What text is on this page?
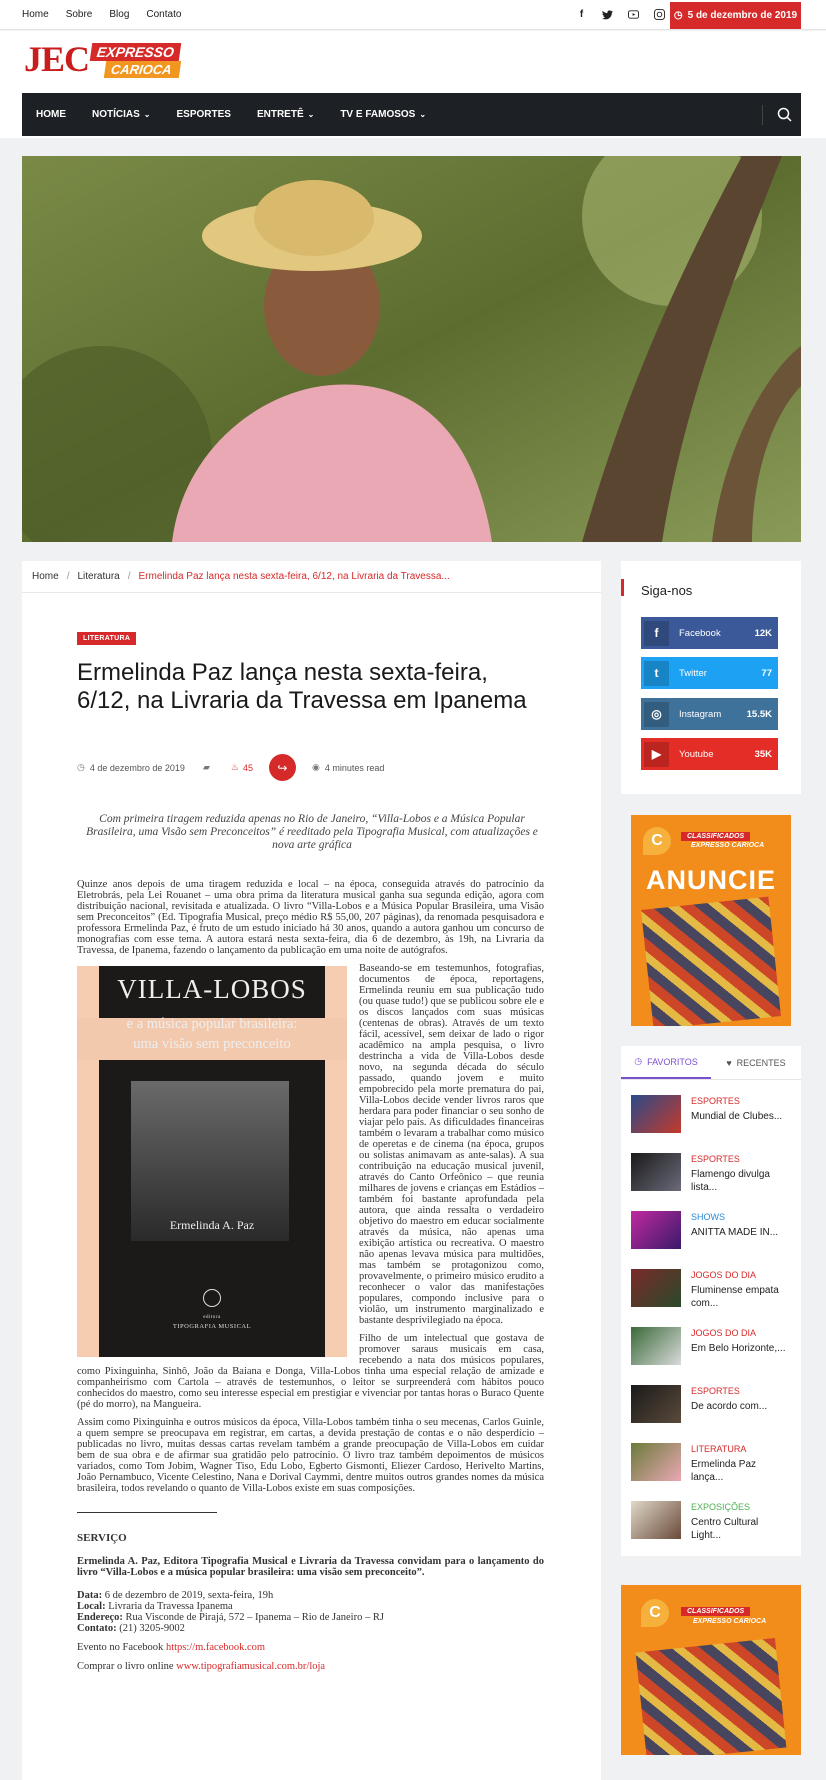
Home Sobre Blog Contato	f	◷ 5 de dezembro de 2019
JEC EXPRESSO
CARIOCA
HOME	NOTÍCIAS ⌄	ESPORTES	ENTRETÊ ⌄	TV E FAMOSOS ⌄
Home / Literatura / Ermelinda Paz lança nesta sexta-feira, 6/12, na Livraria da Travessa...
LITERATURA
Ermelinda Paz lança nesta sexta-feira, 6/12, na Livraria da Travessa em Ipanema
◷ 4 de dezembro de 2019 ▰ ♨ 45	↪	◉ 4 minutes read
Com primeira tiragem reduzida apenas no Rio de Janeiro, “Villa-Lobos e a Música Popular Brasileira, uma Visão sem Preconceitos” é reeditado pela Tipografia Musical, com atualizações e nova arte gráfica

Quinze anos depois de uma tiragem reduzida e local – na época, conseguida através do patrocínio da Eletrobrás, pela Lei Rouanet – uma obra prima da literatura musical ganha sua segunda edição, agora com distribuição nacional, revisitada e atualizada. O livro “Villa-Lobos e a Música Popular Brasileira, uma Visão sem Preconceitos” (Ed. Tipografia Musical, preço médio R$ 55,00, 207 páginas), da renomada pesquisadora e professora Ermelinda Paz, é fruto de um estudo iniciado há 30 anos, quando a autora ganhou um concurso de monografias com esse tema. A autora estará nesta sexta-feira, dia 6 de dezembro, às 19h, na Livraria da Travessa, de Ipanema, fazendo o lançamento da publicação em uma noite de autógrafos.

VILLA-LOBOS
e a música popular brasileira:
uma visão sem preconceito
Ermelinda A. Paz
editora
TIPOGRAFIA MUSICAL

Baseando-se em testemunhos, fotografias, documentos de época, reportagens, Ermelinda reuniu em sua publicação tudo (ou quase tudo!) que se publicou sobre ele e os discos lançados com suas músicas (centenas de obras). Através de um texto fácil, acessível, sem deixar de lado o rigor acadêmico na ampla pesquisa, o livro destrincha a vida de Villa-Lobos desde novo, na segunda década do século passado, quando jovem e muito empobrecido pela morte prematura do pai, Villa-Lobos decide vender livros raros que herdara para poder financiar o seu sonho de viajar pelo país. As dificuldades financeiras também o levaram a trabalhar como músico de operetas e de cinema (na época, grupos ou solistas animavam as ante-salas). A sua contribuição na educação musical juvenil, através do Canto Orfeônico – que reunia milhares de jovens e crianças em Estádios – também foi bastante aprofundada pela autora, que ainda ressalta o verdadeiro objetivo do maestro em educar socialmente através da música, não apenas uma exibição artística ou recreativa. O maestro não apenas levava música para multidões, mas também se protagonizou como, provavelmente, o primeiro músico erudito a reconhecer o valor das manifestações populares, compondo inclusive para o violão, um instrumento marginalizado e bastante desprivilegiado na época.

Filho de um intelectual que gostava de promover saraus musicais em casa, recebendo a nata dos músicos populares, como Pixinguinha, Sinhô, João da Baiana e Donga, Villa-Lobos tinha uma especial relação de amizade e companheirismo com Cartola – através de testemunhos, o leitor se surpreenderá com hábitos pouco conhecidos do maestro, como seu interesse especial em prestigiar e vivenciar por tantas horas o Buraco Quente (pé do morro), na Mangueira.

Assim como Pixinguinha e outros músicos da época, Villa-Lobos também tinha o seu mecenas, Carlos Guinle, a quem sempre se preocupava em registrar, em cartas, a devida prestação de contas e o não desperdício – publicadas no livro, muitas dessas cartas revelam também a grande preocupação de Villa-Lobos em cuidar bem de sua obra e de afirmar sua gratidão pelo patrocínio. O livro traz também depoimentos de músicos variados, como Tom Jobim, Wagner Tiso, Edu Lobo, Egberto Gismonti, Eliezer Cardoso, Herivelto Martins, João Pernambuco, Vicente Celestino, Nana e Dorival Caymmi, dentre muitos outros grandes nomes da música brasileira, todos revelando o quanto de Villa-Lobos existe em suas composições.

SERVIÇO

Ermelinda A. Paz, Editora Tipografia Musical e Livraria da Travessa convidam para o lançamento do livro “Villa-Lobos e a música popular brasileira: uma visão sem preconceito”.

Data: 6 de dezembro de 2019, sexta-feira, 19h
Local: Livraria da Travessa Ipanema
Endereço: Rua Visconde de Pirajá, 572 – Ipanema – Rio de Janeiro – RJ
Contato: (21) 3205-9002
Evento no Facebook https://m.facebook.com
Comprar o livro online www.tipografiamusical.com.br/loja
Siga-nos
f	Facebook	12K
t	Twitter	77
◎	Instagram	15.5K
▶	Youtube	35K
C	CLASSIFICADOS
EXPRESSO CARIOCA
ANUNCIE
◷ FAVORITOS	♥ RECENTES
ESPORTES
Mundial de Clubes...
ESPORTES
Flamengo divulga lista...
SHOWS
ANITTA MADE IN...
JOGOS DO DIA
Fluminense empata com...
JOGOS DO DIA
Em Belo Horizonte,...
ESPORTES
De acordo com...
LITERATURA
Ermelinda Paz lança...
EXPOSIÇÕES
Centro Cultural Light...
C	CLASSIFICADOS
EXPRESSO CARIOCA
